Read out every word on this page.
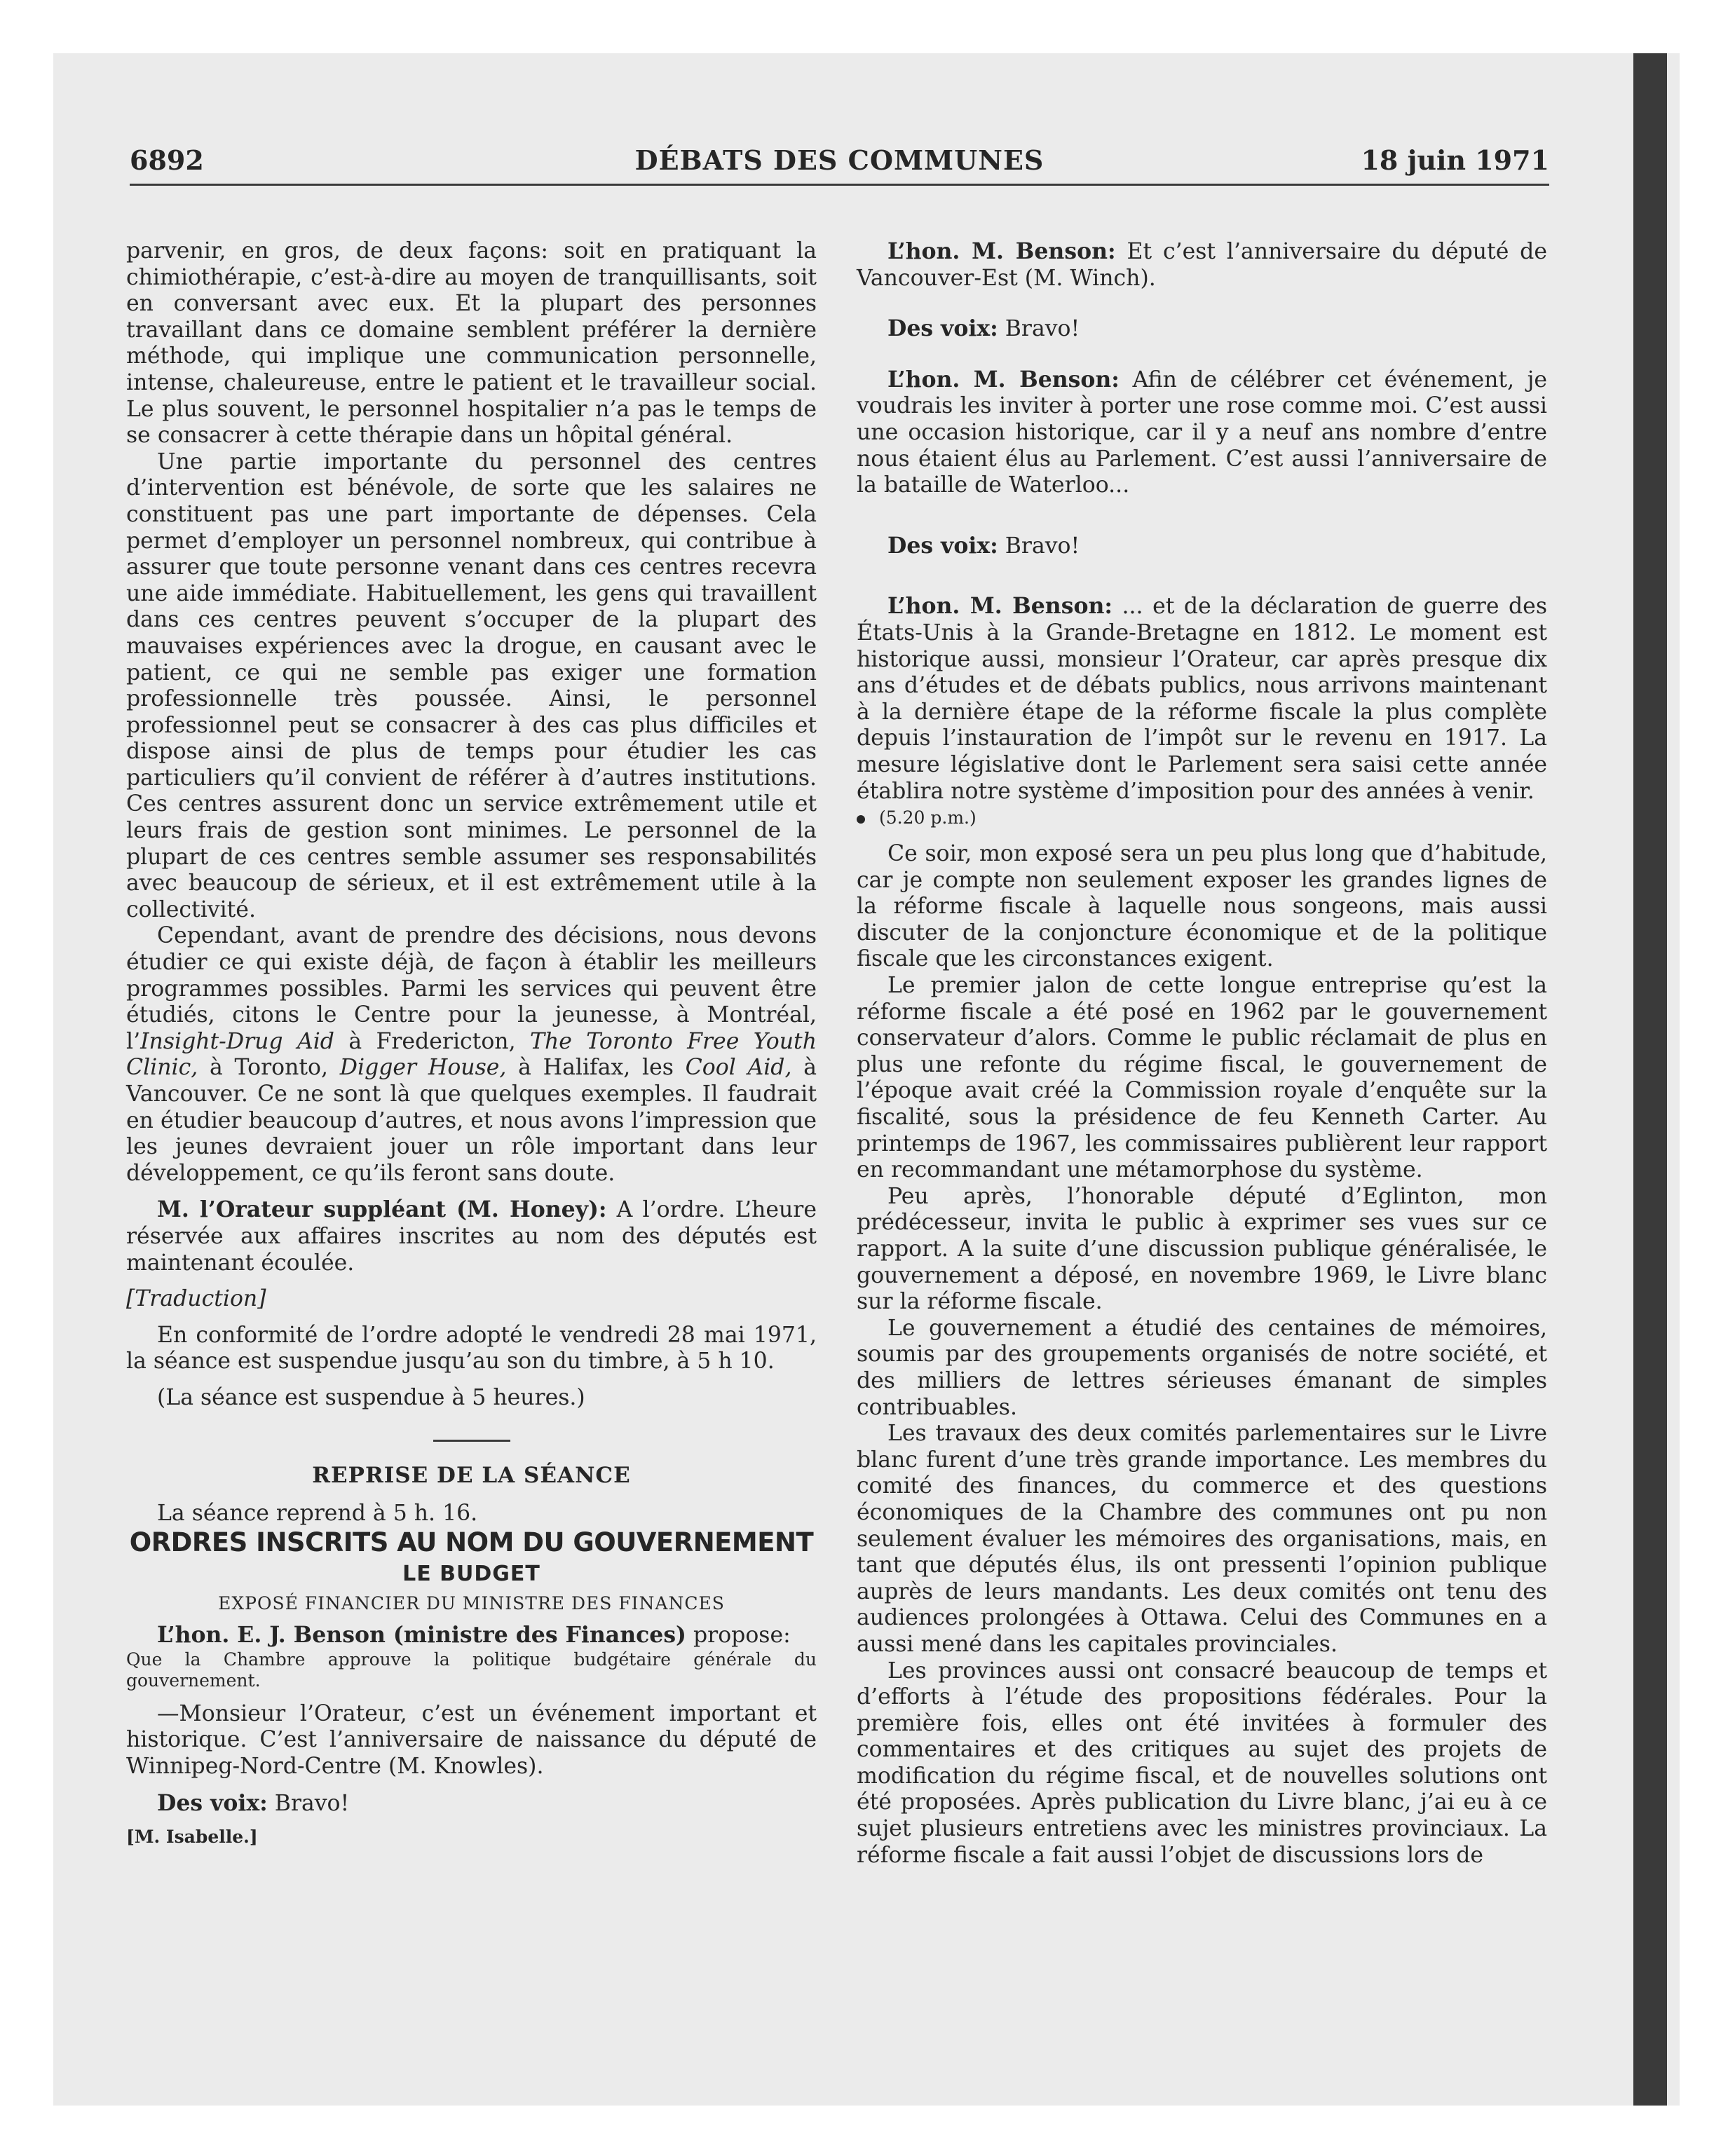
6892	DÉBATS DES COMMUNES	18 juin 1971

parvenir, en gros, de deux façons: soit en pratiquant la chimiothérapie, c’est-à-dire au moyen de tranquillisants, soit en conversant avec eux. Et la plupart des personnes travaillant dans ce domaine semblent préférer la dernière méthode, qui implique une communication personnelle, intense, chaleureuse, entre le patient et le travailleur social. Le plus souvent, le personnel hospitalier n’a pas le temps de se consacrer à cette thérapie dans un hôpital général.

Une partie importante du personnel des centres d’intervention est bénévole, de sorte que les salaires ne constituent pas une part importante de dépenses. Cela permet d’employer un personnel nombreux, qui contribue à assurer que toute personne venant dans ces centres recevra une aide immédiate. Habituellement, les gens qui travaillent dans ces centres peuvent s’occuper de la plupart des mauvaises expériences avec la drogue, en causant avec le patient, ce qui ne semble pas exiger une formation professionnelle très poussée. Ainsi, le personnel professionnel peut se consacrer à des cas plus difficiles et dispose ainsi de plus de temps pour étudier les cas particuliers qu’il convient de référer à d’autres institutions. Ces centres assurent donc un service extrêmement utile et leurs frais de gestion sont minimes. Le personnel de la plupart de ces centres semble assumer ses responsabilités avec beaucoup de sérieux, et il est extrêmement utile à la collectivité.

Cependant, avant de prendre des décisions, nous devons étudier ce qui existe déjà, de façon à établir les meilleurs programmes possibles. Parmi les services qui peuvent être étudiés, citons le Centre pour la jeunesse, à Montréal, l’Insight-Drug Aid à Fredericton, The Toronto Free Youth Clinic, à Toronto, Digger House, à Halifax, les Cool Aid, à Vancouver. Ce ne sont là que quelques exemples. Il faudrait en étudier beaucoup d’autres, et nous avons l’impression que les jeunes devraient jouer un rôle important dans leur développement, ce qu’ils feront sans doute.

M. l’Orateur suppléant (M. Honey): A l’ordre. L’heure réservée aux affaires inscrites au nom des députés est maintenant écoulée.

[Traduction]

En conformité de l’ordre adopté le vendredi 28 mai 1971, la séance est suspendue jusqu’au son du timbre, à 5 h 10.

(La séance est suspendue à 5 heures.)

REPRISE DE LA SÉANCE

La séance reprend à 5 h. 16.

ORDRES INSCRITS AU NOM DU GOUVERNEMENT

LE BUDGET

EXPOSÉ FINANCIER DU MINISTRE DES FINANCES

L’hon. E. J. Benson (ministre des Finances) propose:

Que la Chambre approuve la politique budgétaire générale du gouvernement.

—Monsieur l’Orateur, c’est un événement important et historique. C’est l’anniversaire de naissance du député de Winnipeg-Nord-Centre (M. Knowles).

Des voix: Bravo!

[M. Isabelle.]

L’hon. M. Benson: Et c’est l’anniversaire du député de Vancouver-Est (M. Winch).

Des voix: Bravo!

L’hon. M. Benson: Afin de célébrer cet événement, je voudrais les inviter à porter une rose comme moi. C’est aussi une occasion historique, car il y a neuf ans nombre d’entre nous étaient élus au Parlement. C’est aussi l’anniversaire de la bataille de Waterloo...

Des voix: Bravo!

L’hon. M. Benson: ... et de la déclaration de guerre des États-Unis à la Grande-Bretagne en 1812. Le moment est historique aussi, monsieur l’Orateur, car après presque dix ans d’études et de débats publics, nous arrivons maintenant à la dernière étape de la réforme fiscale la plus complète depuis l’instauration de l’impôt sur le revenu en 1917. La mesure législative dont le Parlement sera saisi cette année établira notre système d’imposition pour des années à venir.

(5.20 p.m.)

Ce soir, mon exposé sera un peu plus long que d’habitude, car je compte non seulement exposer les grandes lignes de la réforme fiscale à laquelle nous songeons, mais aussi discuter de la conjoncture économique et de la politique fiscale que les circonstances exigent.

Le premier jalon de cette longue entreprise qu’est la réforme fiscale a été posé en 1962 par le gouvernement conservateur d’alors. Comme le public réclamait de plus en plus une refonte du régime fiscal, le gouvernement de l’époque avait créé la Commission royale d’enquête sur la fiscalité, sous la présidence de feu Kenneth Carter. Au printemps de 1967, les commissaires publièrent leur rapport en recommandant une métamorphose du système.

Peu après, l’honorable député d’Eglinton, mon prédécesseur, invita le public à exprimer ses vues sur ce rapport. A la suite d’une discussion publique généralisée, le gouvernement a déposé, en novembre 1969, le Livre blanc sur la réforme fiscale.

Le gouvernement a étudié des centaines de mémoires, soumis par des groupements organisés de notre société, et des milliers de lettres sérieuses émanant de simples contribuables.

Les travaux des deux comités parlementaires sur le Livre blanc furent d’une très grande importance. Les membres du comité des finances, du commerce et des questions économiques de la Chambre des communes ont pu non seulement évaluer les mémoires des organisations, mais, en tant que députés élus, ils ont pressenti l’opinion publique auprès de leurs mandants. Les deux comités ont tenu des audiences prolongées à Ottawa. Celui des Communes en a aussi mené dans les capitales provinciales.

Les provinces aussi ont consacré beaucoup de temps et d’efforts à l’étude des propositions fédérales. Pour la première fois, elles ont été invitées à formuler des commentaires et des critiques au sujet des projets de modification du régime fiscal, et de nouvelles solutions ont été proposées. Après publication du Livre blanc, j’ai eu à ce sujet plusieurs entretiens avec les ministres provinciaux. La réforme fiscale a fait aussi l’objet de discussions lors de
